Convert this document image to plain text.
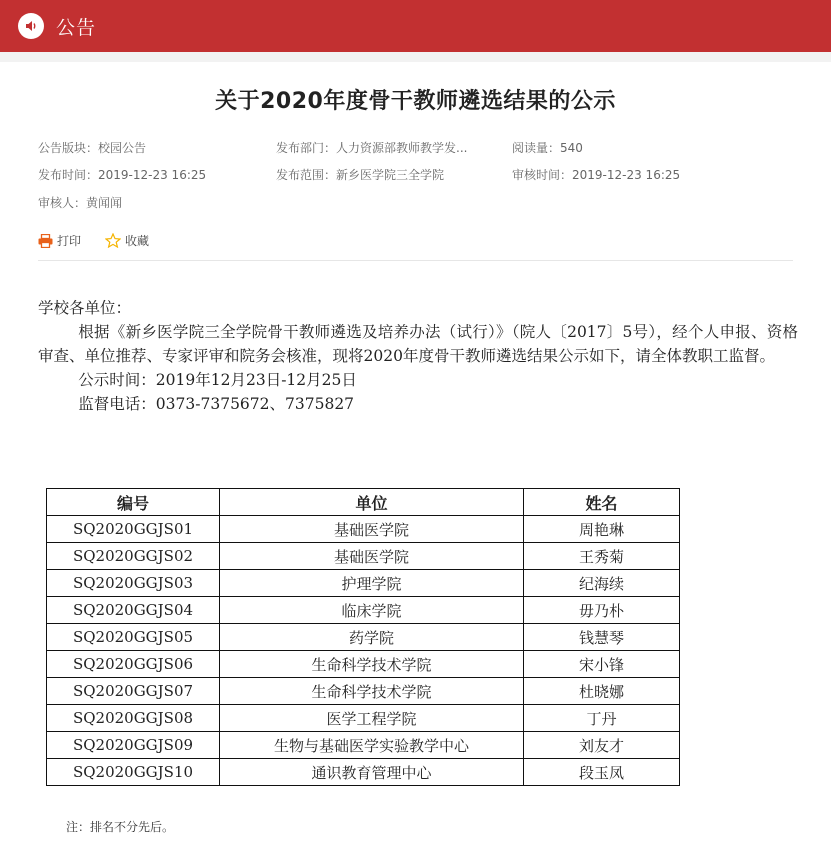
公告
关于2020年度骨干教师遴选结果的公示
公告版块：校园公告	发布部门：人力资源部教师教学发...	阅读量：540
发布时间：2019-12-23 16:25	发布范围：新乡医学院三全学院	审核时间：2019-12-23 16:25
审核人：黄闻闻
打印	收藏

学校各单位：

根据《新乡医学院三全学院骨干教师遴选及培养办法（试行）》（院人〔2017〕5号），经个人申报、资格审查、单位推荐、专家评审和院务会核准，现将2020年度骨干教师遴选结果公示如下，请全体教职工监督。

公示时间：2019年12月23日-12月25日

监督电话：0373-7375672、7375827

编号	单位	姓名
SQ2020GGJS01	基础医学院	周艳琳
SQ2020GGJS02	基础医学院	王秀菊
SQ2020GGJS03	护理学院	纪海续
SQ2020GGJS04	临床学院	毋乃朴
SQ2020GGJS05	药学院	钱慧琴
SQ2020GGJS06	生命科学技术学院	宋小锋
SQ2020GGJS07	生命科学技术学院	杜晓娜
SQ2020GGJS08	医学工程学院	丁丹
SQ2020GGJS09	生物与基础医学实验教学中心	刘友才
SQ2020GGJS10	通识教育管理中心	段玉凤
注：排名不分先后。
